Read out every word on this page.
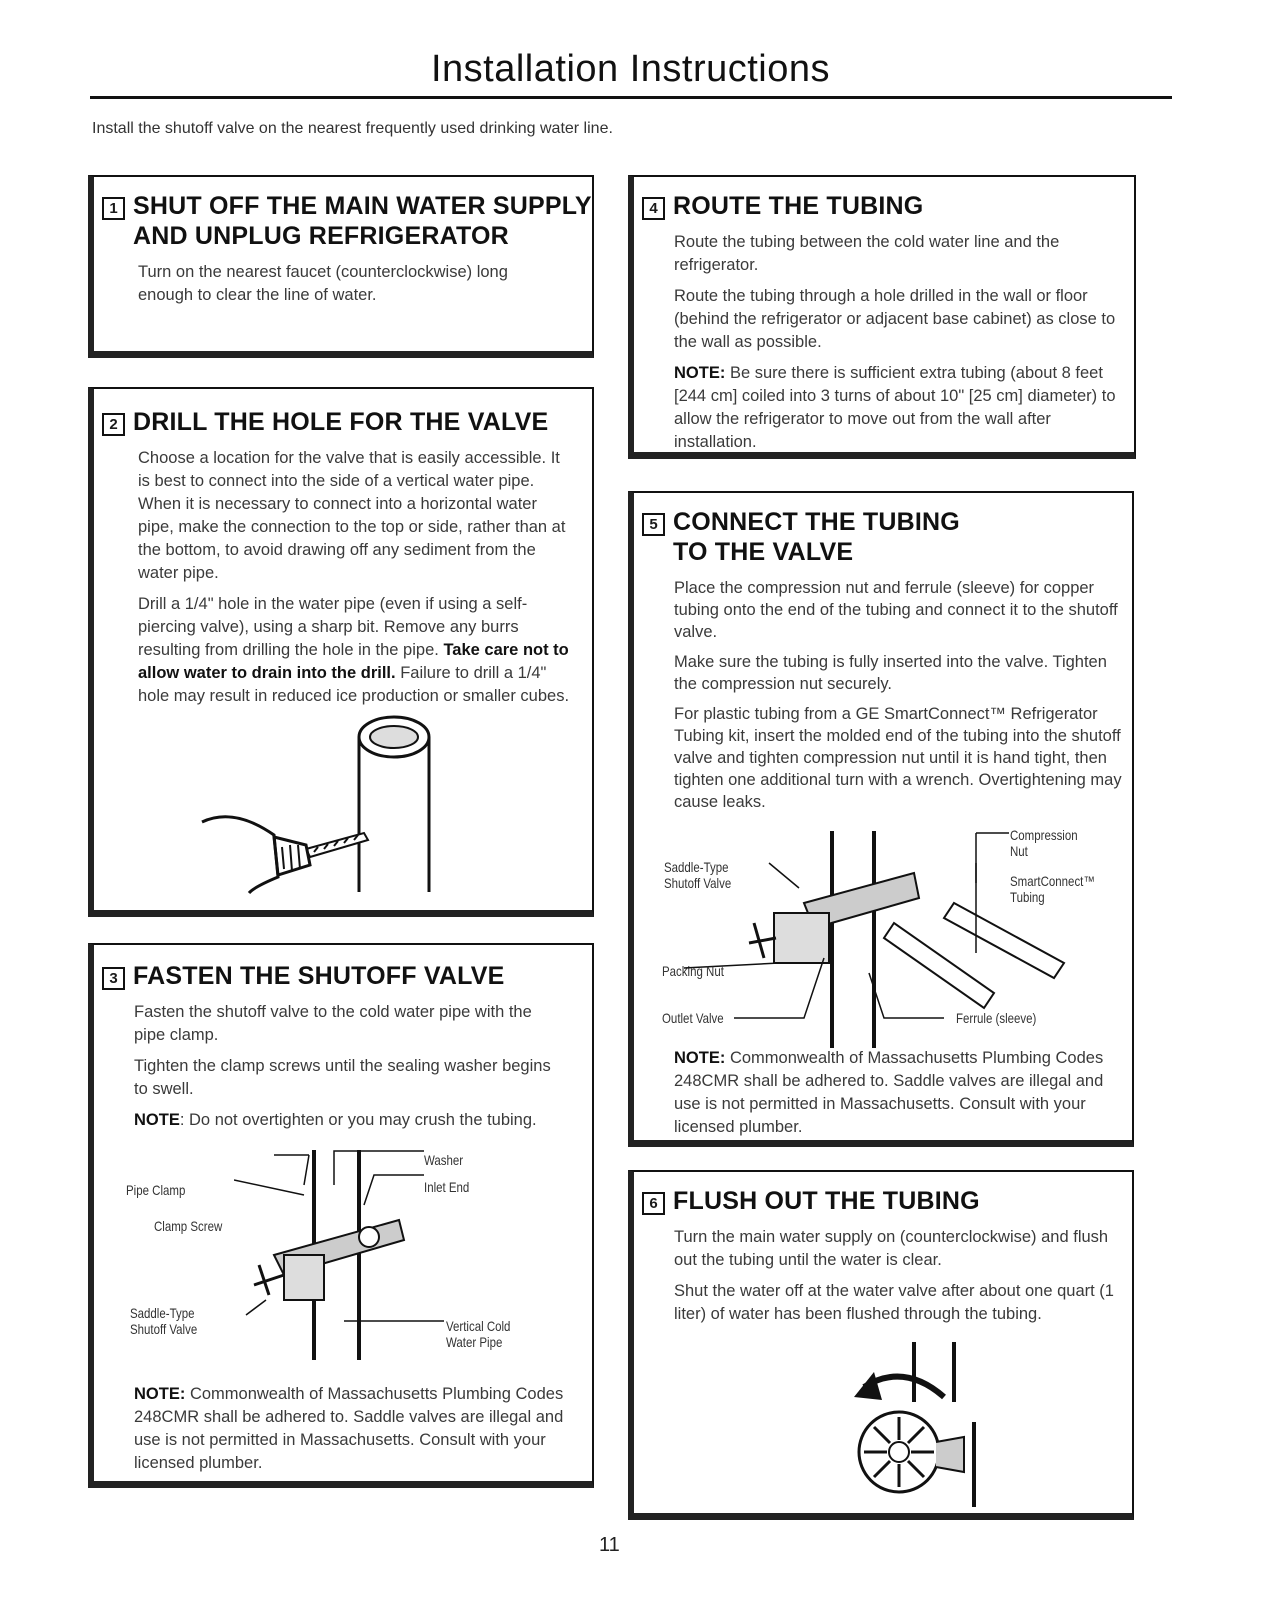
Installation Instructions
Install the shutoff valve on the nearest frequently used drinking water line.
1 SHUT OFF THE MAIN WATER SUPPLY
AND UNPLUG REFRIGERATOR

Turn on the nearest faucet (counterclockwise) long enough to clear the line of water.

2 DRILL THE HOLE FOR THE VALVE

Choose a location for the valve that is easily accessible. It is best to connect into the side of a vertical water pipe. When it is necessary to connect into a horizontal water pipe, make the connection to the top or side, rather than at the bottom, to avoid drawing off any sediment from the water pipe.

Drill a 1/4" hole in the water pipe (even if using a self-piercing valve), using a sharp bit. Remove any burrs resulting from drilling the hole in the pipe. Take care not to allow water to drain into the drill. Failure to drill a 1/4" hole may result in reduced ice production or smaller cubes.

3 FASTEN THE SHUTOFF VALVE

Fasten the shutoff valve to the cold water pipe with the pipe clamp.

Tighten the clamp screws until the sealing washer begins to swell.

NOTE: Do not overtighten or you may crush the tubing.

Washer
Inlet End
Pipe Clamp
Clamp Screw
Saddle-Type
Shutoff Valve	Vertical Cold
Water Pipe

NOTE: Commonwealth of Massachusetts Plumbing Codes 248CMR shall be adhered to. Saddle valves are illegal and use is not permitted in Massachusetts. Consult with your licensed plumber.

4 ROUTE THE TUBING

Route the tubing between the cold water line and the refrigerator.

Route the tubing through a hole drilled in the wall or floor (behind the refrigerator or adjacent base cabinet) as close to the wall as possible.

NOTE: Be sure there is sufficient extra tubing (about 8 feet [244 cm] coiled into 3 turns of about 10" [25 cm] diameter) to allow the refrigerator to move out from the wall after installation.

5 CONNECT THE TUBING
TO THE VALVE

Place the compression nut and ferrule (sleeve) for copper tubing onto the end of the tubing and connect it to the shutoff valve.

Make sure the tubing is fully inserted into the valve. Tighten the compression nut securely.

For plastic tubing from a GE SmartConnect™ Refrigerator Tubing kit, insert the molded end of the tubing into the shutoff valve and tighten compression nut until it is hand tight, then tighten one additional turn with a wrench. Overtightening may cause leaks.

Compression
Nut
Saddle-Type
Shutoff Valve	SmartConnect™
Tubing
Packing Nut
Outlet Valve	Ferrule (sleeve)

NOTE: Commonwealth of Massachusetts Plumbing Codes 248CMR shall be adhered to. Saddle valves are illegal and use is not permitted in Massachusetts. Consult with your licensed plumber.

6 FLUSH OUT THE TUBING

Turn the main water supply on (counterclockwise) and flush out the tubing until the water is clear.

Shut the water off at the water valve after about one quart (1 liter) of water has been flushed through the tubing.

11
